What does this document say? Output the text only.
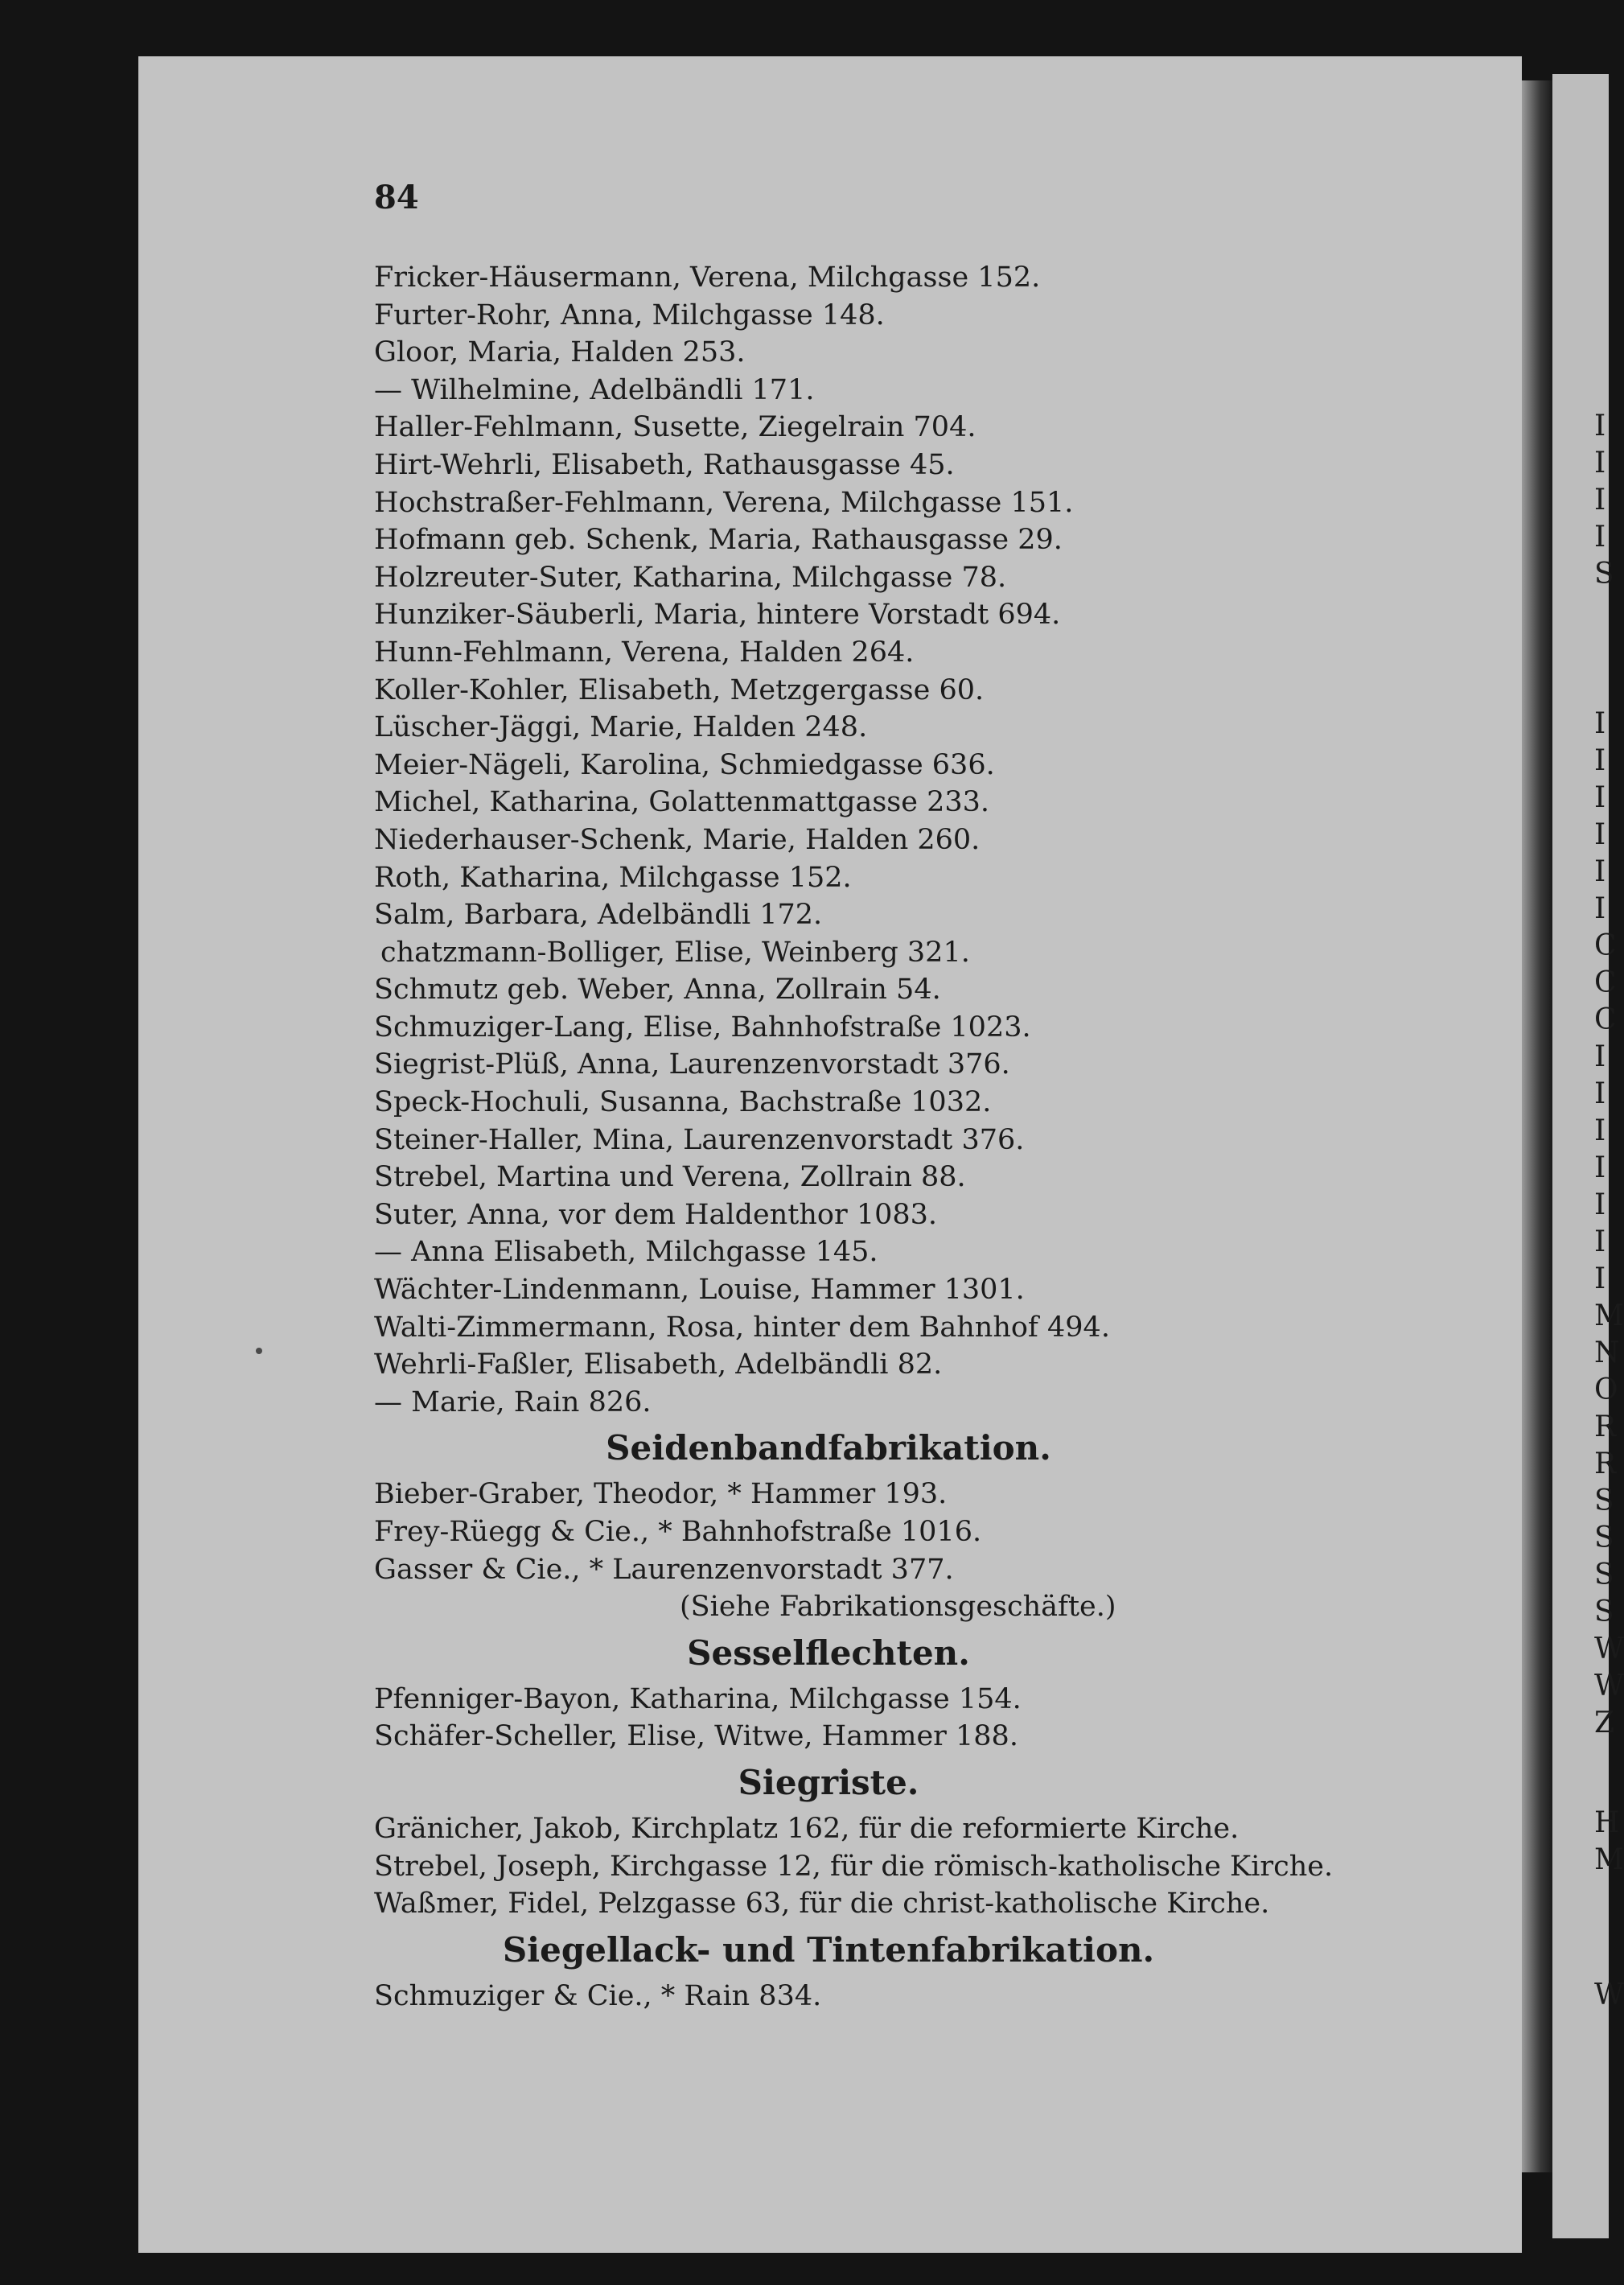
I
I
I
I
S
I
I
I
I
I
I
C
C
C
I
I
I
I
I
I
I
M
N
O
R
R
S
S
S
S
W
W
Z
H
M
W
84
Fricker-Häusermann, Verena, Milchgasse 152.
Furter-Rohr, Anna, Milchgasse 148.
Gloor, Maria, Halden 253.
— Wilhelmine, Adelbändli 171.
Haller-Fehlmann, Susette, Ziegelrain 704.
Hirt-Wehrli, Elisabeth, Rathausgasse 45.
Hochstraßer-Fehlmann, Verena, Milchgasse 151.
Hofmann geb. Schenk, Maria, Rathausgasse 29.
Holzreuter-Suter, Katharina, Milchgasse 78.
Hunziker-Säuberli, Maria, hintere Vorstadt 694.
Hunn-Fehlmann, Verena, Halden 264.
Koller-Kohler, Elisabeth, Metzgergasse 60.
Lüscher-Jäggi, Marie, Halden 248.
Meier-Nägeli, Karolina, Schmiedgasse 636.
Michel, Katharina, Golattenmattgasse 233.
Niederhauser-Schenk, Marie, Halden 260.
Roth, Katharina, Milchgasse 152.
Salm, Barbara, Adelbändli 172.
chatzmann-Bolliger, Elise, Weinberg 321.
Schmutz geb. Weber, Anna, Zollrain 54.
Schmuziger-Lang, Elise, Bahnhofstraße 1023.
Siegrist-Plüß, Anna, Laurenzenvorstadt 376.
Speck-Hochuli, Susanna, Bachstraße 1032.
Steiner-Haller, Mina, Laurenzenvorstadt 376.
Strebel, Martina und Verena, Zollrain 88.
Suter, Anna, vor dem Haldenthor 1083.
— Anna Elisabeth, Milchgasse 145.
Wächter-Lindenmann, Louise, Hammer 1301.
Walti-Zimmermann, Rosa, hinter dem Bahnhof 494.
Wehrli-Faßler, Elisabeth, Adelbändli 82.
— Marie, Rain 826.
Seidenbandfabrikation.
Bieber-Graber, Theodor, * Hammer 193.
Frey-Rüegg & Cie., * Bahnhofstraße 1016.
Gasser & Cie., * Laurenzenvorstadt 377.
(Siehe Fabrikationsgeschäfte.)
Sesselflechten.
Pfenniger-Bayon, Katharina, Milchgasse 154.
Schäfer-Scheller, Elise, Witwe, Hammer 188.
Siegriste.
Gränicher, Jakob, Kirchplatz 162, für die reformierte Kirche.
Strebel, Joseph, Kirchgasse 12, für die römisch-katholische Kirche.
Waßmer, Fidel, Pelzgasse 63, für die christ-katholische Kirche.
Siegellack- und Tintenfabrikation.
Schmuziger & Cie., * Rain 834.
